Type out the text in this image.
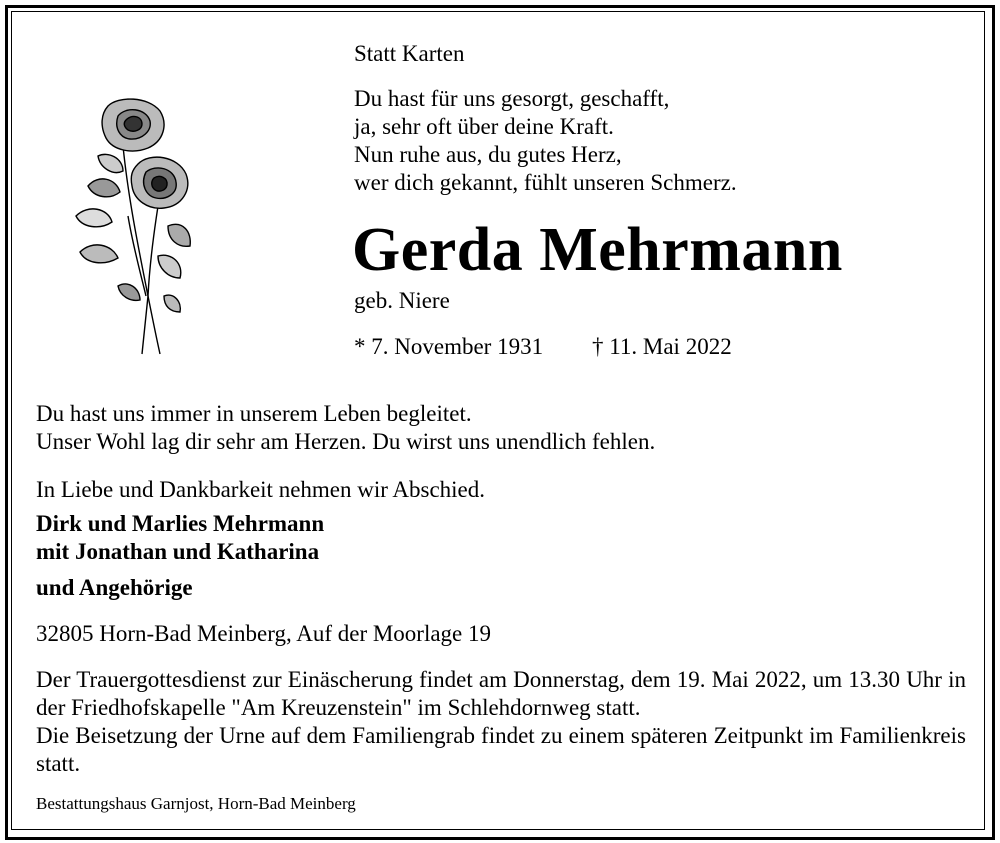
Statt Karten
Du hast für uns gesorgt, geschafft,
ja, sehr oft über deine Kraft.
Nun ruhe aus, du gutes Herz,
wer dich gekannt, fühlt unseren Schmerz.
Gerda Mehrmann
geb. Niere
* 7. November 1931 † 11. Mai 2022
Du hast uns immer in unserem Leben begleitet.
Unser Wohl lag dir sehr am Herzen. Du wirst uns unendlich fehlen.
In Liebe und Dankbarkeit nehmen wir Abschied.
Dirk und Marlies Mehrmann
mit Jonathan und Katharina
und Angehörige
32805 Horn-Bad Meinberg, Auf der Moorlage 19
Der Trauergottesdienst zur Einäscherung findet am Donnerstag, dem 19. Mai 2022, um 13.30 Uhr in der Friedhofskapelle "Am Kreuzenstein" im Schlehdornweg statt.
Die Beisetzung der Urne auf dem Familiengrab findet zu einem späteren Zeitpunkt im Familienkreis statt.
Bestattungshaus Garnjost, Horn-Bad Meinberg
